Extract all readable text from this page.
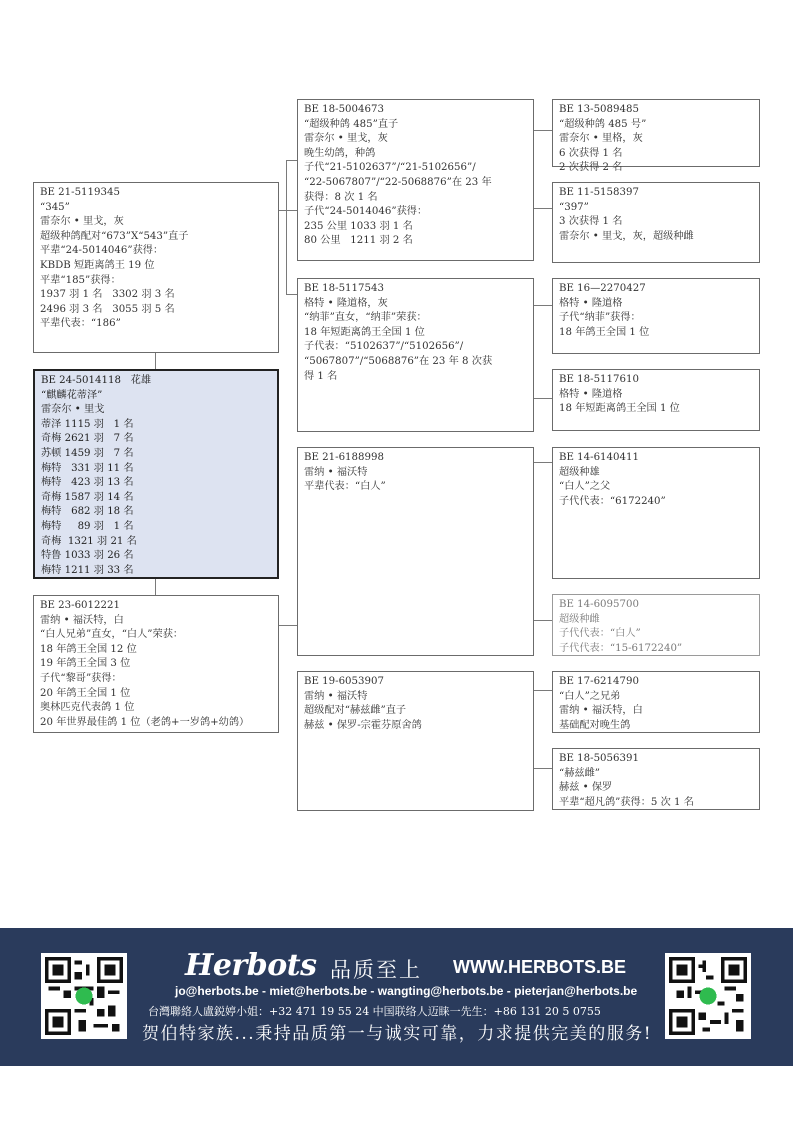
BE 21-5119345
“345”
雷奈尔 • 里戈，灰
超级种鸽配对“673”X“543”直子
平辈“24-5014046”获得：
KBDB 短距离鸽王 19 位
平辈“185”获得：
1937 羽 1 名   3302 羽 3 名
2496 羽 3 名   3055 羽 5 名
平辈代表：“186”
BE 24-5014118   花雄
“麒麟花蒂泽”
雷奈尔 • 里戈
蒂泽 1115 羽   1 名
奇梅 2621 羽   7 名
苏顿 1459 羽   7 名
梅特   331 羽 11 名
梅特   423 羽 13 名
奇梅 1587 羽 14 名
梅特   682 羽 18 名
梅特     89 羽   1 名
奇梅  1321 羽 21 名
特鲁 1033 羽 26 名
梅特 1211 羽 33 名
BE 23-6012221
雷纳 • 福沃特，白
“白人兄弟”直女，“白人”荣获：
18 年鸽王全国 12 位
19 年鸽王全国 3 位
子代“黎哥”获得：
20 年鸽王全国 1 位
奥林匹克代表鸽 1 位
20 年世界最佳鸽 1 位（老鸽+一岁鸽+幼鸽）
BE 18-5004673
“超级种鸽 485”直子
雷奈尔 • 里戈，灰
晚生幼鸽，种鸽
子代“21-5102637”/“21-5102656”/
“22-5067807”/“22-5068876”在 23 年
获得：8 次 1 名
子代“24-5014046”获得：
235 公里 1033 羽 1 名
80 公里   1211 羽 2 名
BE 18-5117543
格特 • 隆道格，灰
“纳菲”直女，“纳菲”荣获：
18 年短距离鸽王全国 1 位
子代表：“5102637”/“5102656”/
“5067807”/“5068876”在 23 年 8 次获
得 1 名
BE 21-6188998
雷纳 • 福沃特
平辈代表：“白人”
BE 19-6053907
雷纳 • 福沃特
超级配对“赫兹雌”直子
赫兹 • 保罗-宗霍芬原舍鸽
BE 13-5089485
“超级种鸽 485 号”
雷奈尔 • 里格，灰
6 次获得 1 名
2 次获得 2 名
BE 11-5158397
“397”
3 次获得 1 名
雷奈尔 • 里戈，灰，超级种雌
BE 16—2270427
格特 • 隆道格
子代“纳菲”获得：
18 年鸽王全国 1 位
BE 18-5117610
格特 • 隆道格
18 年短距离鸽王全国 1 位
BE 14-6140411
超级种雄
“白人”之父
子代代表：“6172240”
BE 14-6095700
超级种雌
子代代表：“白人”
子代代表：“15-6172240”
BE 17-6214790
“白人”之兄弟
雷纳 • 福沃特，白
基础配对晚生鸽
BE 18-5056391
“赫兹雌”
赫兹 • 保罗
平辈“超凡鸽”获得：5 次 1 名
Herbots 品质至上 WWW.HERBOTS.BE
jo@herbots.be - miet@herbots.be - wangting@herbots.be - pieterjan@herbots.be
台灣聯絡人盧鋭婷小姐：+32 471 19 55 24 中国联络人迈睐一先生：+86 131 20 5 0755
贺伯特家族...秉持品质第一与诚实可靠，力求提供完美的服务!
